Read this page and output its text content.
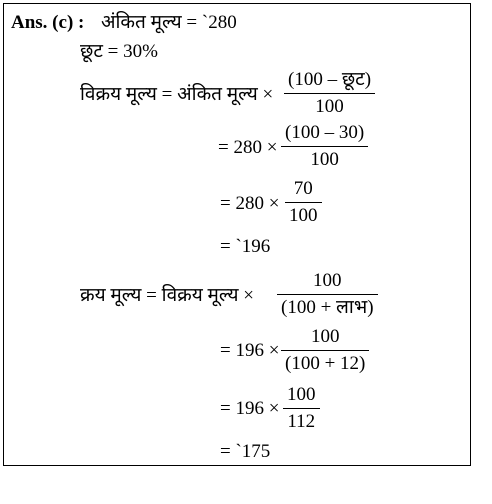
Ans. (c) : अंकित मूल्य = `280
छूट = 30%
विक्रय मूल्य = अंकित मूल्य ×
(100 – छूट)
100
= $280 \times \frac{(100 - 30)}{100}$
= $280 \times \frac{70}{100}$
= `196
क्रय मूल्य = विक्रय मूल्य ×
100
(100 + लाभ)
= $196 \times \frac{100}{(100 + 12)}$
= $196 \times \frac{100}{112}$
= `175
